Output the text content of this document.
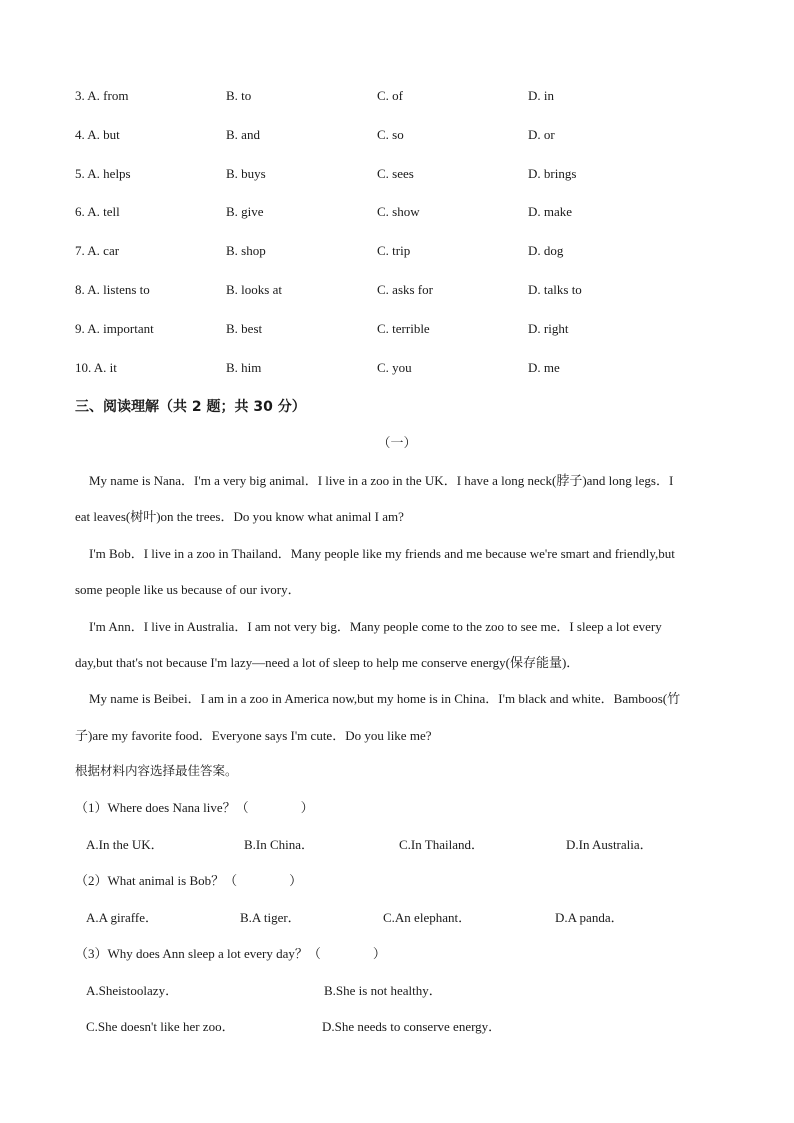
3. A. from	B. to	C. of	D. in
4. A. but	B. and	C. so	D. or
5. A. helps	B. buys	C. sees	D. brings
6. A. tell	B. give	C. show	D. make
7. A. car	B. shop	C. trip	D. dog
8. A. listens to	B. looks at	C. asks for	D. talks to
9. A. important	B. best	C. terrible	D. right
10. A. it	B. him	C. you	D. me
三、阅读理解（共 2 题；共 30 分）
（一）
My name is Nana．I'm a very big animal．I live in a zoo in the UK．I have a long neck(脖子)and long legs．I
eat leaves(树叶)on the trees．Do you know what animal I am?
I'm Bob．I live in a zoo in Thailand．Many people like my friends and me because we're smart and friendly,but
some people like us because of our ivory．
I'm Ann．I live in Australia．I am not very big．Many people come to the zoo to see me．I sleep a lot every
day,but that's not because I'm lazy—need a lot of sleep to help me conserve energy(保存能量)．
My name is Beibei．I am in a zoo in America now,but my home is in China．I'm black and white．Bamboos(竹
子)are my favorite food．Everyone says I'm cute．Do you like me?
根据材料内容选择最佳答案。
（1）Where does Nana live？（　　　　）
A.In the UK．	B.In China．	C.In Thailand．	D.In Australia．
（2）What animal is Bob？（　　　　）
A.A giraffe．	B.A tiger．	C.An elephant．	D.A panda．
（3）Why does Ann sleep a lot every day？（　　　　）
A.Sheistoolazy．	B.She is not healthy．
C.She doesn't like her zoo．	D.She needs to conserve energy．
